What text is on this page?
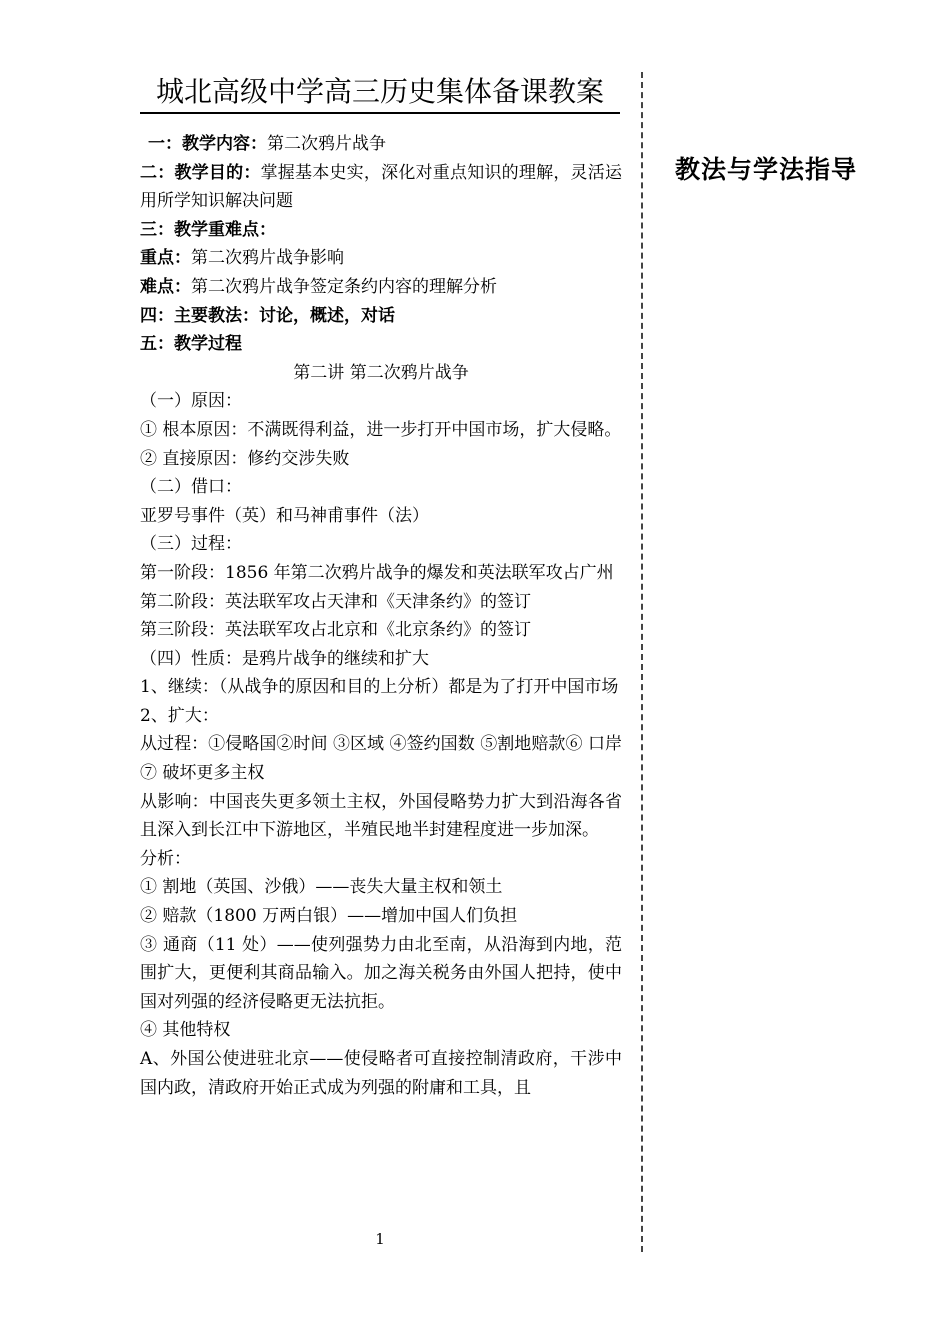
城北高级中学高三历史集体备课教案
教法与学法指导

一：教学内容：第二次鸦片战争

二：教学目的：掌握基本史实，深化对重点知识的理解，灵活运用所学知识解决问题

三：教学重难点：

重点：第二次鸦片战争影响

难点：第二次鸦片战争签定条约内容的理解分析

四：主要教法：讨论，概述，对话

五：教学过程

第二讲 第二次鸦片战争

（一）原因：

① 根本原因：不满既得利益，进一步打开中国市场，扩大侵略。

② 直接原因：修约交涉失败

（二）借口：

亚罗号事件（英）和马神甫事件（法）

（三）过程：

第一阶段：1856 年第二次鸦片战争的爆发和英法联军攻占广州

第二阶段：英法联军攻占天津和《天津条约》的签订

第三阶段：英法联军攻占北京和《北京条约》的签订

（四）性质：是鸦片战争的继续和扩大

1、继续：（从战争的原因和目的上分析）都是为了打开中国市场

2、扩大：

从过程：①侵略国②时间 ③区域 ④签约国数 ⑤割地赔款⑥ 口岸⑦ 破坏更多主权

从影响：中国丧失更多领土主权，外国侵略势力扩大到沿海各省且深入到长江中下游地区，半殖民地半封建程度进一步加深。

分析：

① 割地（英国、沙俄）——丧失大量主权和领土

② 赔款（1800 万两白银）——增加中国人们负担

③ 通商（11 处）——使列强势力由北至南，从沿海到内地，范围扩大，更便利其商品输入。加之海关税务由外国人把持，使中国对列强的经济侵略更无法抗拒。

④ 其他特权

A、外国公使进驻北京——使侵略者可直接控制清政府，干涉中国内政，清政府开始正式成为列强的附庸和工具，且

1
